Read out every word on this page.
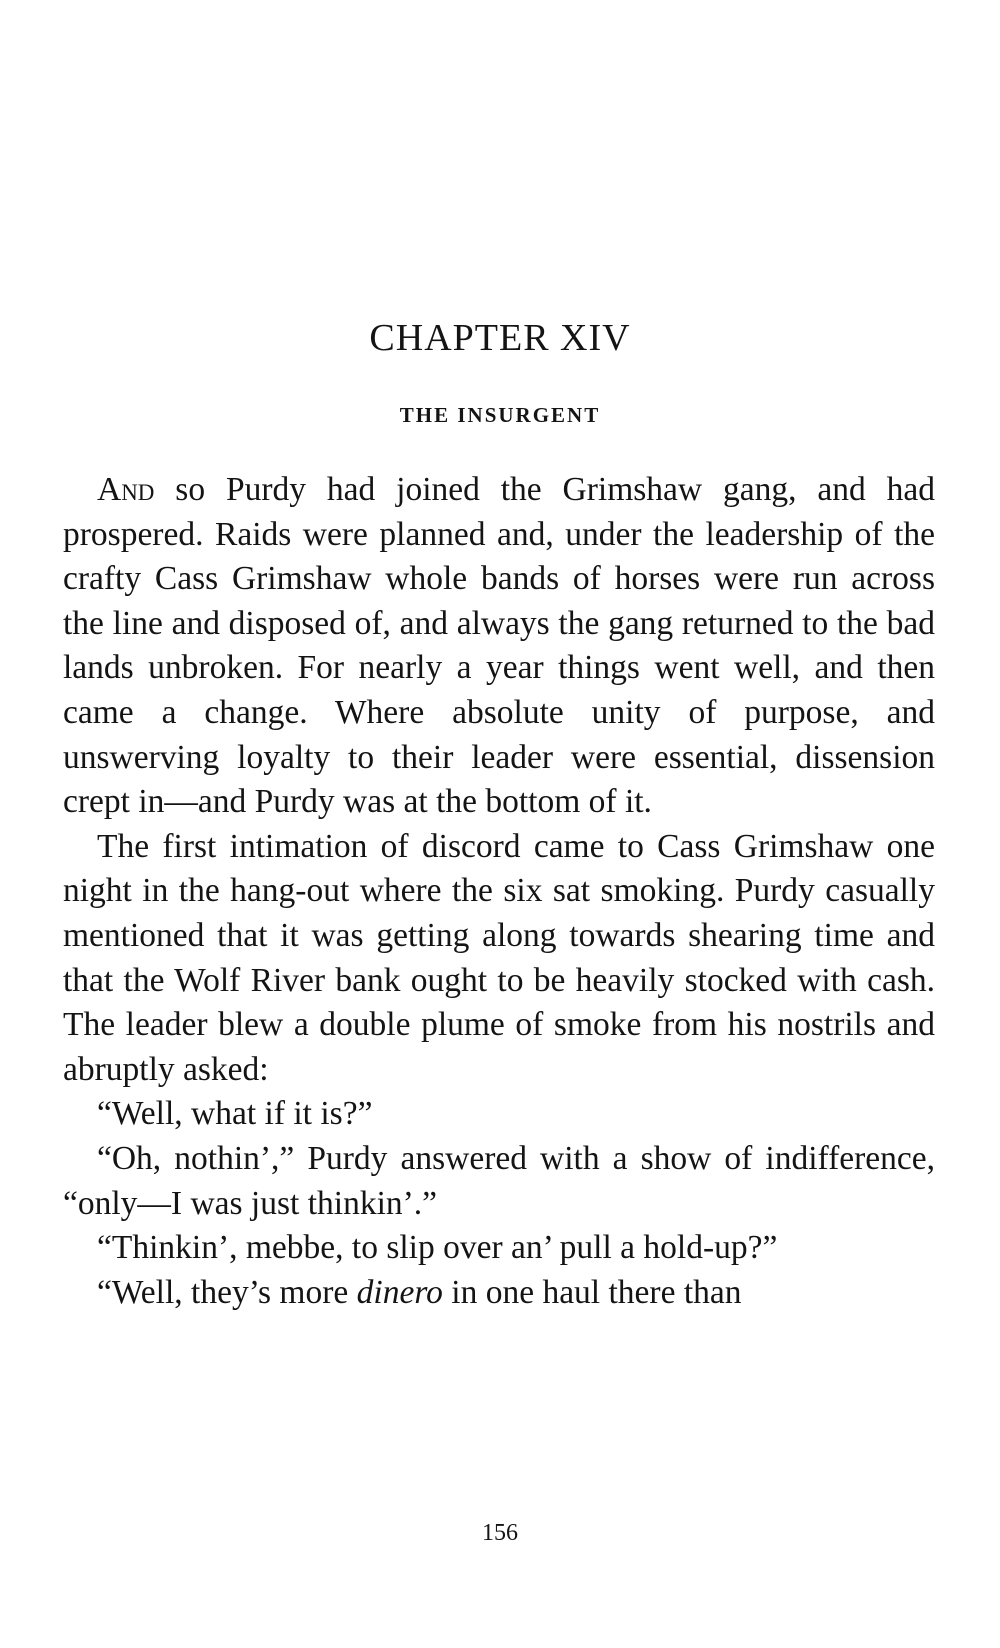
CHAPTER XIV
THE INSURGENT

And so Purdy had joined the Grimshaw gang, and had prospered. Raids were planned and, under the leadership of the crafty Cass Grimshaw whole bands of horses were run across the line and disposed of, and always the gang returned to the bad lands unbroken. For nearly a year things went well, and then came a change. Where absolute unity of purpose, and unswerving loyalty to their leader were essential, dissension crept in—and Purdy was at the bottom of it.

The first intimation of discord came to Cass Grimshaw one night in the hang-out where the six sat smoking. Purdy casually mentioned that it was getting along towards shearing time and that the Wolf River bank ought to be heavily stocked with cash. The leader blew a double plume of smoke from his nostrils and abruptly asked:

“Well, what if it is?”

“Oh, nothin’,” Purdy answered with a show of indifference, “only—I was just thinkin’.”

“Thinkin’, mebbe, to slip over an’ pull a hold-up?”

“Well, they’s more dinero in one haul there than

156
